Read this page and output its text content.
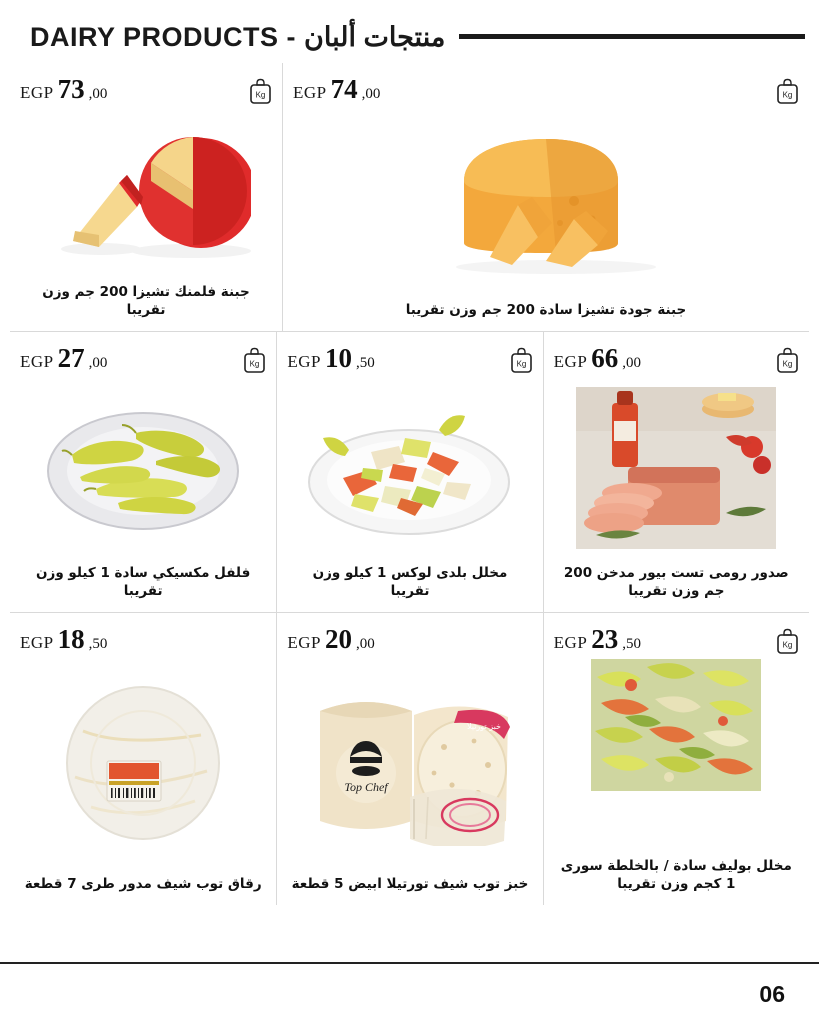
DAIRY PRODUCTS - منتجات ألبان
EGP 73 ,00	Kg
جبنة فلمنك تشيزا 200 جم وزن تقريبا
EGP 74 ,00	Kg
جبنة جودة تشيزا سادة 200 جم وزن تقريبا
EGP 27 ,00	Kg
فلفل مكسيكي سادة 1 كيلو وزن تقريبا
EGP 10 ,50	Kg
مخلل بلدى لوكس 1 كيلو وزن تقريبا
EGP 66 ,00	Kg
صدور رومى تست بيور مدخن 200 جم وزن تقريبا
EGP 18 ,50
رقاق توب شيف مدور طرى 7 قطعة
EGP 20 ,00
Top Chef
خبز تورتيلا
خبز توب شيف تورتيلا ابيض 5 قطعة
EGP 23 ,50	Kg
مخلل بوليف سادة / بالخلطة سورى 1 كجم وزن تقريبا
06
